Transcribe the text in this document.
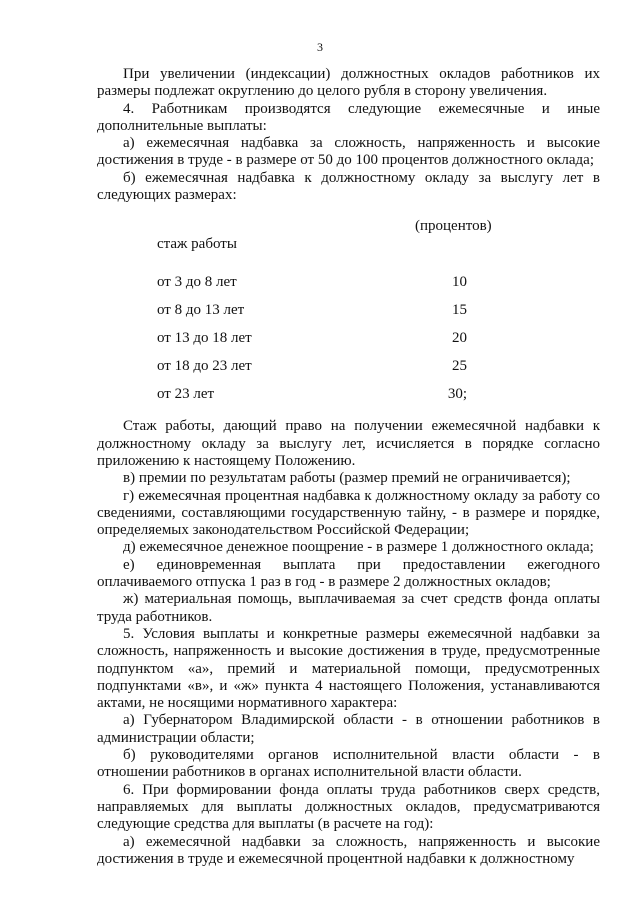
3

При увеличении (индексации) должностных окладов работников их размеры подлежат округлению до целого рубля в сторону увеличения.

4. Работникам производятся следующие ежемесячные и иные дополнительные выплаты:

а) ежемесячная надбавка за сложность, напряженность и высокие достижения в труде - в размере от 50 до 100 процентов должностного оклада;

б) ежемесячная надбавка к должностному окладу за выслугу лет в следующих размерах:

(процентов)
стаж работы
от 3 до 8 лет	10
от 8 до 13 лет	15
от 13 до 18 лет	20
от 18 до 23 лет	25
от 23 лет	30;

Стаж работы, дающий право на получении ежемесячной надбавки к должностному окладу за выслугу лет, исчисляется в порядке согласно приложению к настоящему Положению.

в) премии по результатам работы (размер премий не ограничивается);

г) ежемесячная процентная надбавка к должностному окладу за работу со сведениями, составляющими государственную тайну, - в размере и порядке, определяемых законодательством Российской Федерации;

д) ежемесячное денежное поощрение - в размере 1 должностного оклада;

е) единовременная выплата при предоставлении ежегодного оплачиваемого отпуска 1 раз в год - в размере 2 должностных окладов;

ж) материальная помощь, выплачиваемая за счет средств фонда оплаты труда работников.

5. Условия выплаты и конкретные размеры ежемесячной надбавки за сложность, напряженность и высокие достижения в труде, предусмотренные подпунктом «а», премий и материальной помощи, предусмотренных подпунктами «в», и «ж» пункта 4 настоящего Положения, устанавливаются актами, не носящими нормативного характера:

а) Губернатором Владимирской области - в отношении работников в администрации области;

б) руководителями органов исполнительной власти области - в отношении работников в органах исполнительной власти области.

6. При формировании фонда оплаты труда работников сверх средств, направляемых для выплаты должностных окладов, предусматриваются следующие средства для выплаты (в расчете на год):

а) ежемесячной надбавки за сложность, напряженность и высокие достижения в труде и ежемесячной процентной надбавки к должностному
